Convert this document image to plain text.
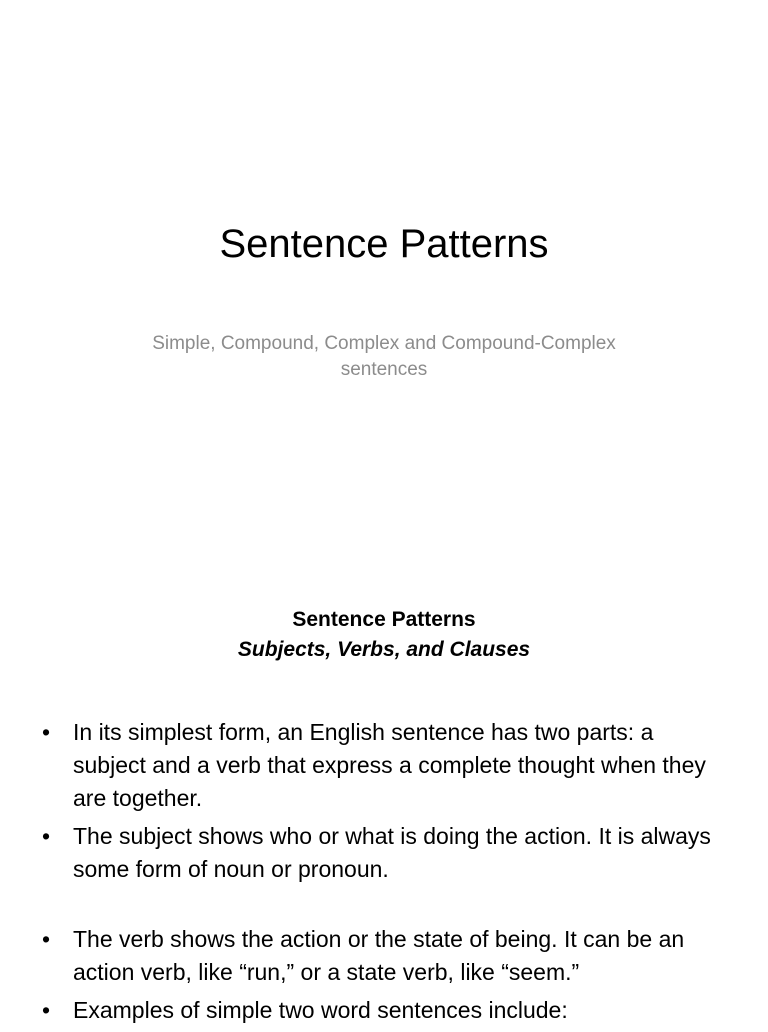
Sentence Patterns
Simple, Compound, Complex and Compound-Complex sentences
Sentence Patterns
Subjects, Verbs, and Clauses
• In its simplest form, an English sentence has two parts: a subject and a verb that express a complete thought when they are together.
• The subject shows who or what is doing the action. It is always some form of noun or pronoun.
• The verb shows the action or the state of being. It can be an action verb, like “run,” or a state verb, like “seem.”
• Examples of simple two word sentences include:
